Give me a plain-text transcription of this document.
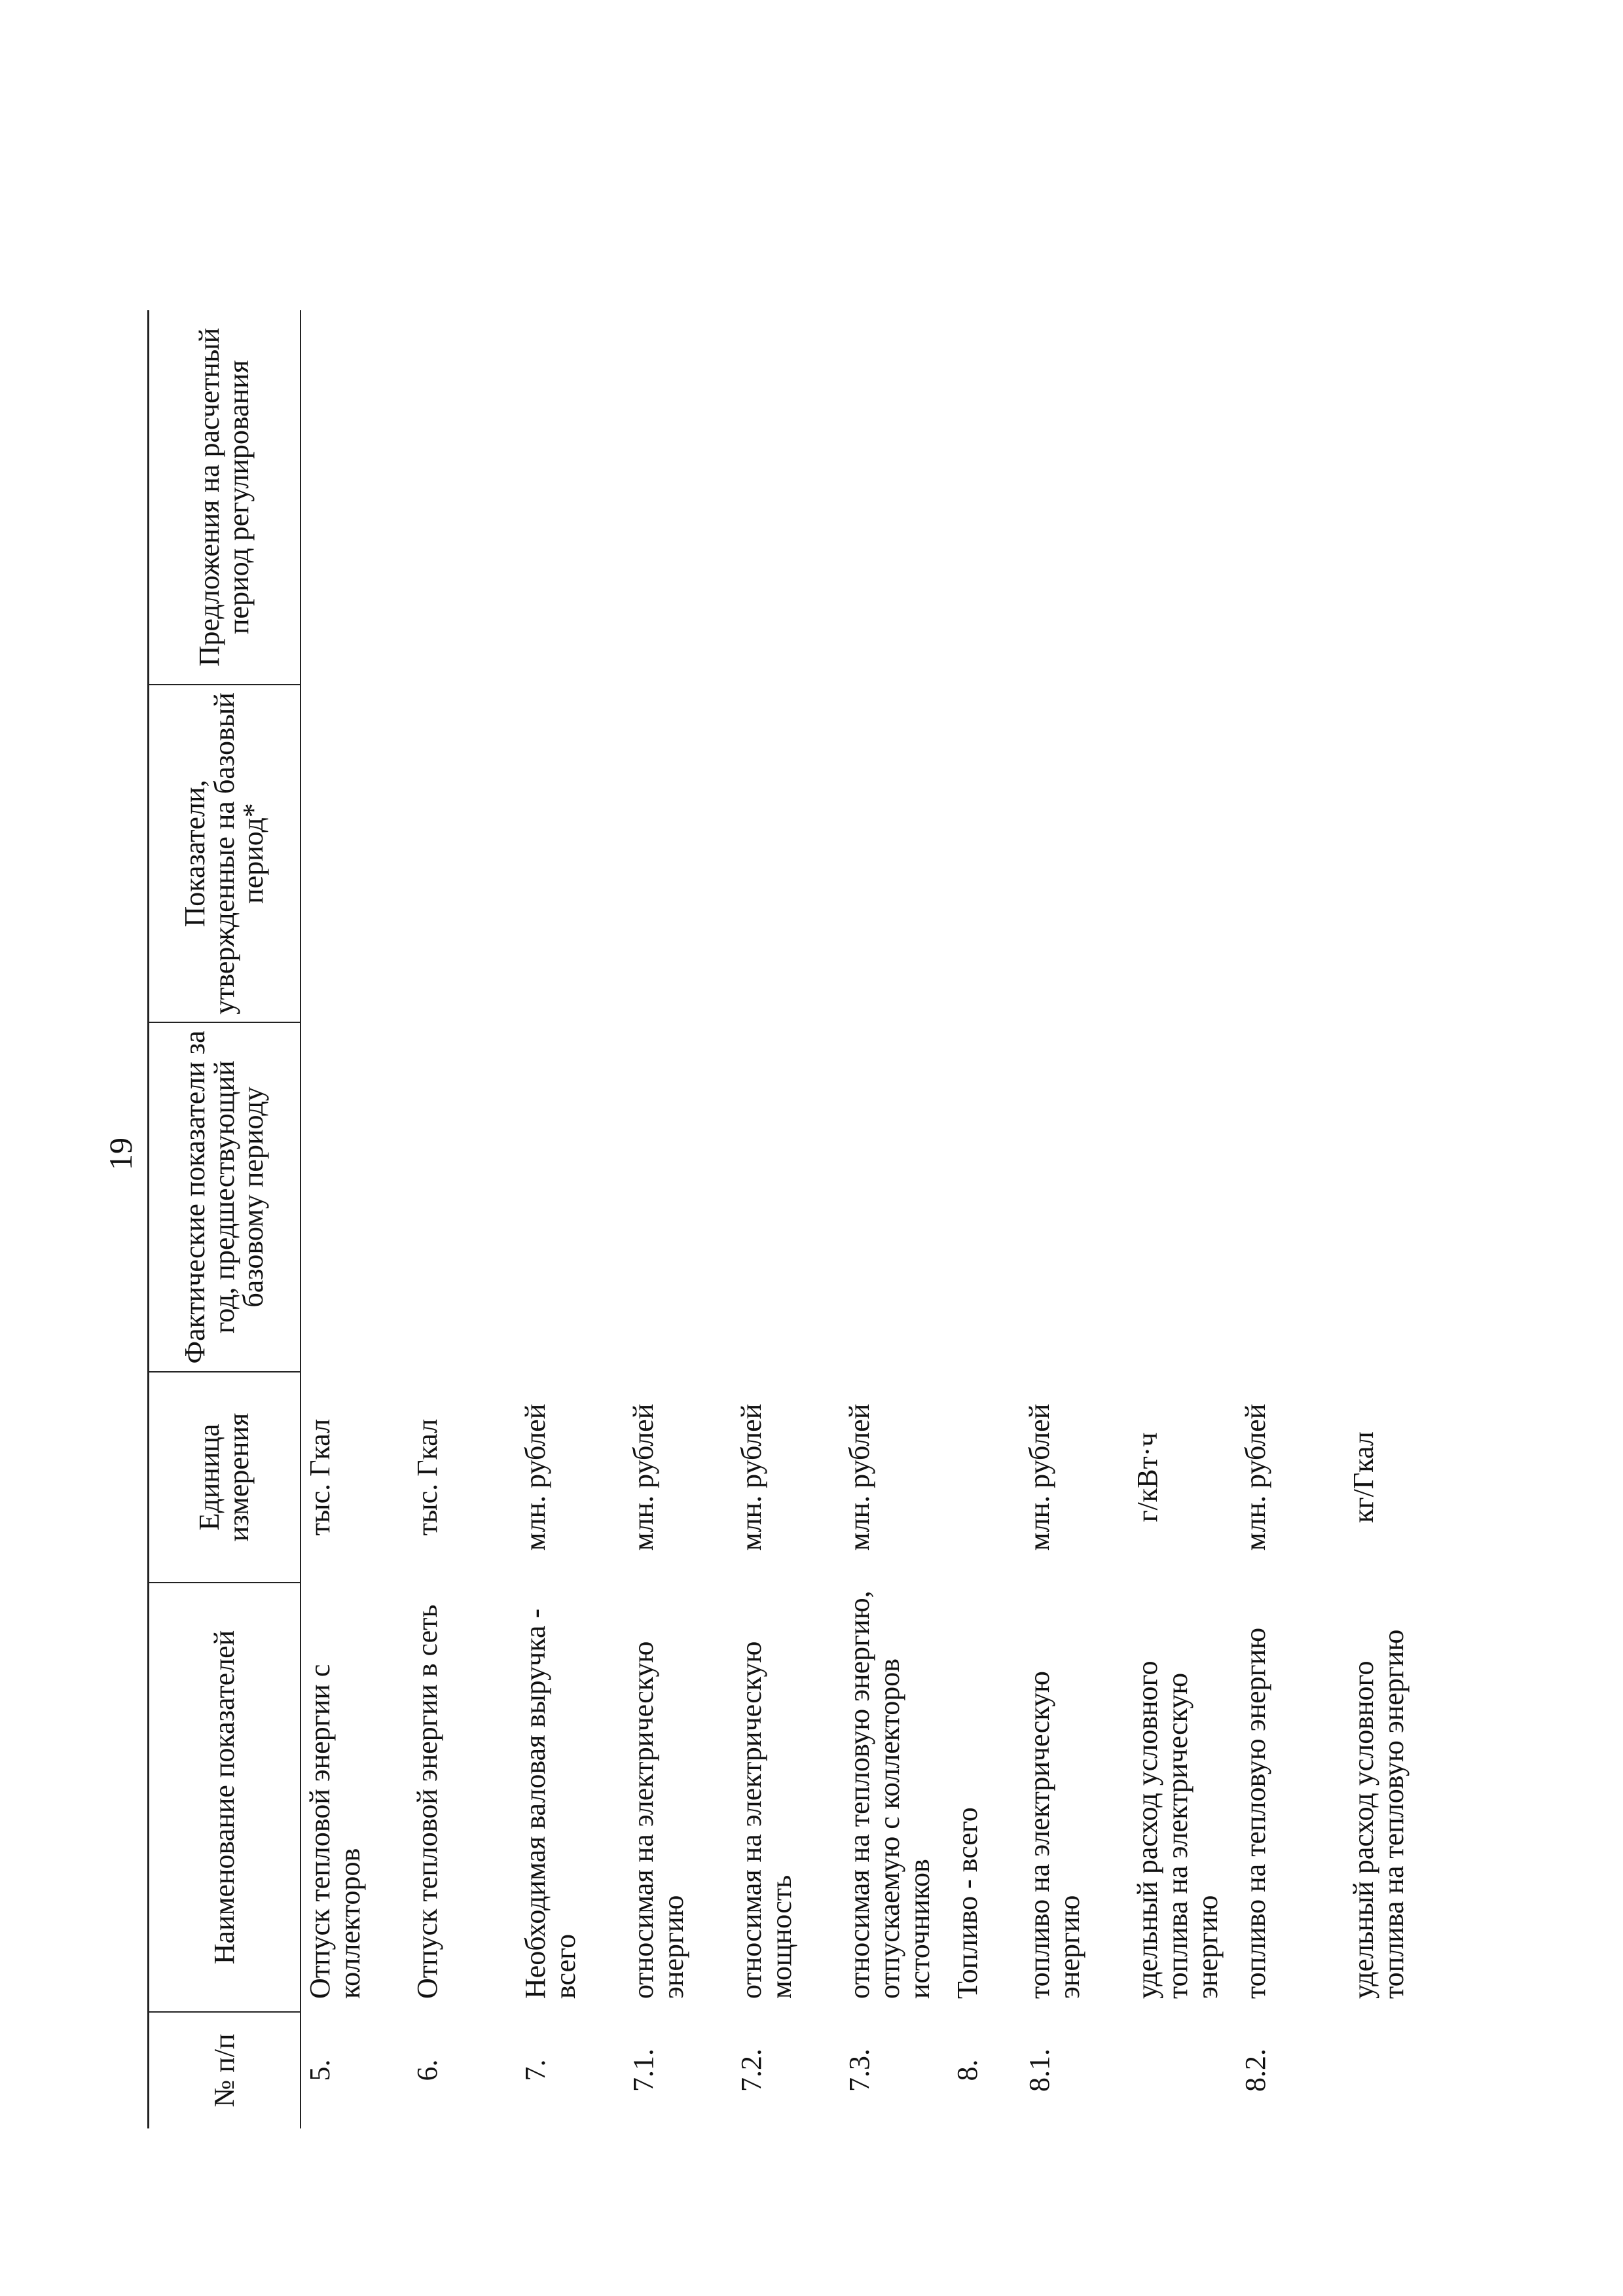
19
№ п/п	Наименование показателей	Единица измерения	Фактические показатели за год, предшествующий базовому периоду	Показатели, утвержденные на базовый период*	Предложения на расчетный период регулирования
5.	Отпуск тепловой энергии с коллекторов	тыс. Гкал			
6.	Отпуск тепловой энергии в сеть	тыс. Гкал			
7.	Необходимая валовая выручка - всего	млн. рублей			
7.1.	относимая на электрическую энергию	млн. рублей			
7.2.	относимая на электрическую мощность	млн. рублей			
7.3.	относимая на тепловую энергию, отпускаемую с коллекторов источников	млн. рублей			
8.	Топливо - всего				
8.1.	топливо на электрическую энергию	млн. рублей			
	удельный расход условного топлива на электрическую энергию	г/кВт·ч			
8.2.	топливо на тепловую энергию	млн. рублей			
	удельный расход условного топлива на тепловую энергию	кг/Гкал			
